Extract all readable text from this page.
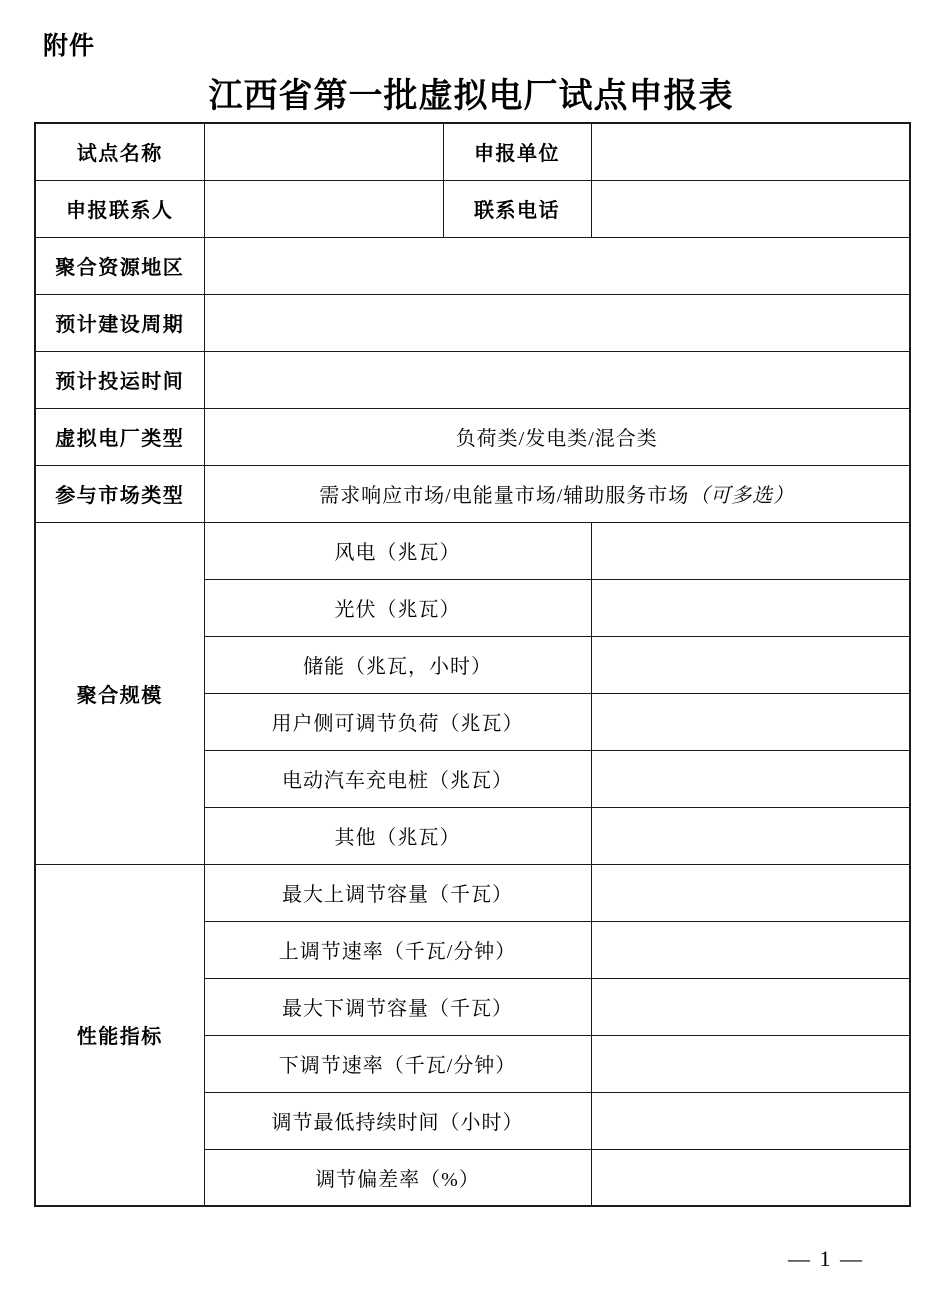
附件
江西省第一批虚拟电厂试点申报表
试点名称		申报单位	
申报联系人		联系电话	
聚合资源地区			
预计建设周期			
预计投运时间			
虚拟电厂类型	负荷类/发电类/混合类		
参与市场类型	需求响应市场/电能量市场/辅助服务市场（可多选）		
聚合规模	风电（兆瓦）		
	光伏（兆瓦）		
	储能（兆瓦，小时）		
	用户侧可调节负荷（兆瓦）		
	电动汽车充电桩（兆瓦）		
	其他（兆瓦）		
性能指标	最大上调节容量（千瓦）		
	上调节速率（千瓦/分钟）		
	最大下调节容量（千瓦）		
	下调节速率（千瓦/分钟）		
	调节最低持续时间（小时）		
	调节偏差率（%）		
— 1 —
